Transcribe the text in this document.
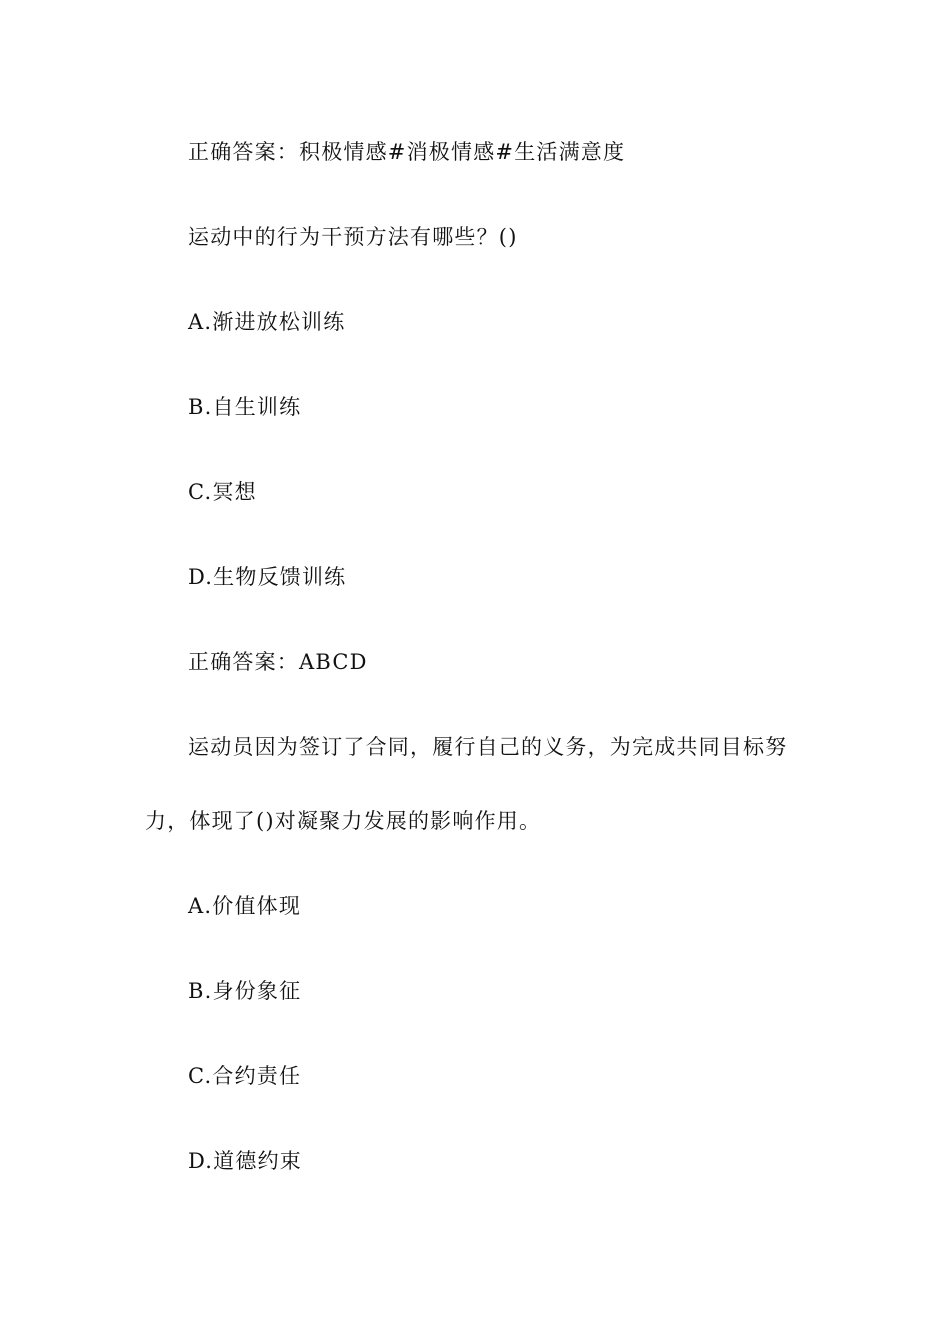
正确答案：积极情感#消极情感#生活满意度
运动中的行为干预方法有哪些？()
A.渐进放松训练
B.自生训练
C.冥想
D.生物反馈训练
正确答案：ABCD
运动员因为签订了合同，履行自己的义务，为完成共同目标努
力，体现了()对凝聚力发展的影响作用。
A.价值体现
B.身份象征
C.合约责任
D.道德约束
